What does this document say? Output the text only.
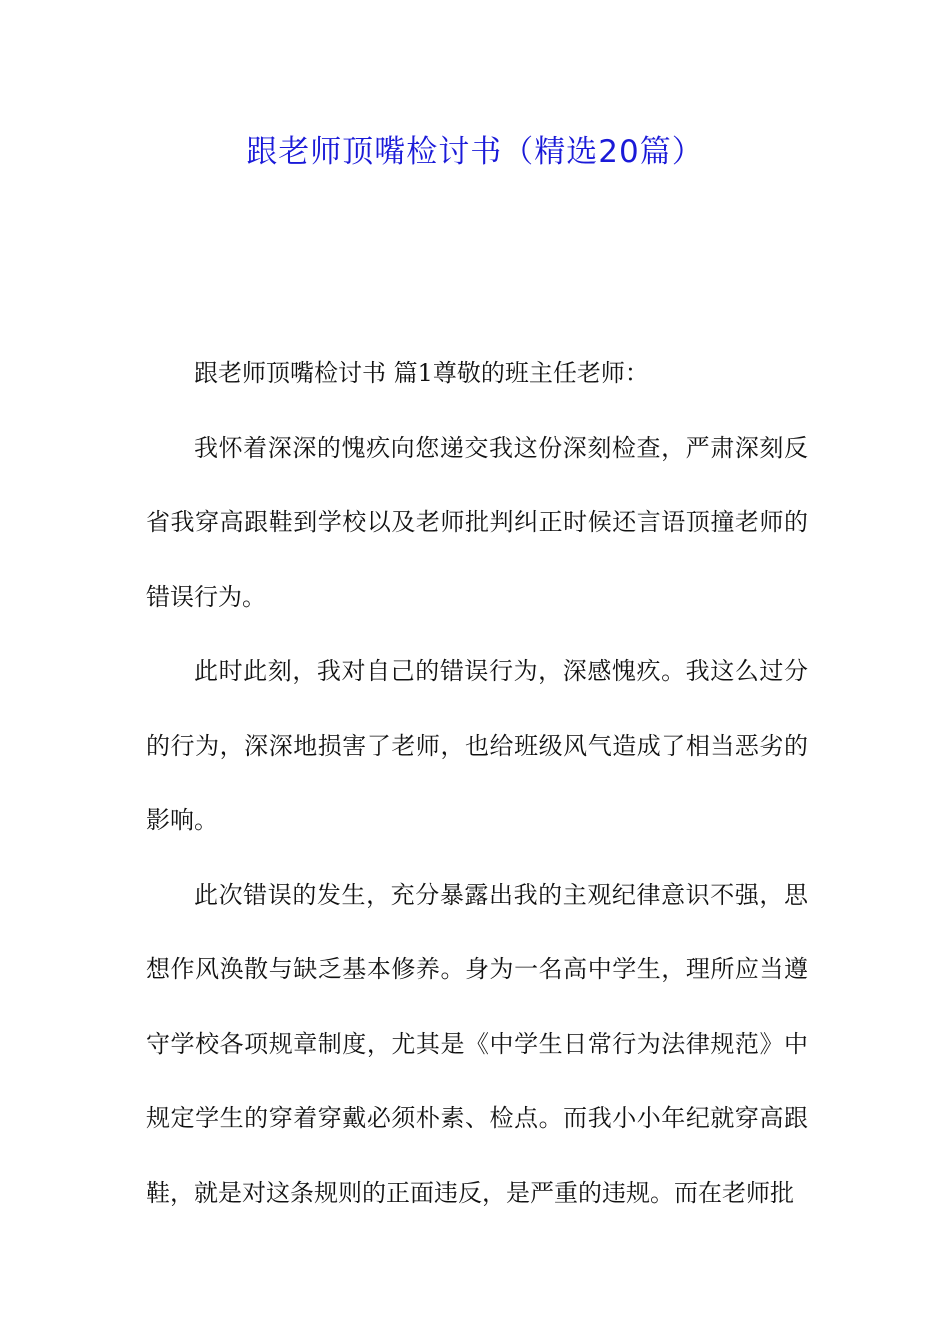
跟老师顶嘴检讨书（精选20篇）

跟老师顶嘴检讨书 篇1尊敬的班主任老师：

我怀着深深的愧疚向您递交我这份深刻检查，严肃深刻反省我穿高跟鞋到学校以及老师批判纠正时候还言语顶撞老师的错误行为。

此时此刻，我对自己的错误行为，深感愧疚。我这么过分的行为，深深地损害了老师，也给班级风气造成了相当恶劣的影响。

此次错误的发生，充分暴露出我的主观纪律意识不强，思想作风涣散与缺乏基本修养。身为一名高中学生，理所应当遵守学校各项规章制度，尤其是《中学生日常行为法律规范》中规定学生的穿着穿戴必须朴素、检点。而我小小年纪就穿高跟鞋，就是对这条规则的正面违反，是严重的违规。而在老师批
